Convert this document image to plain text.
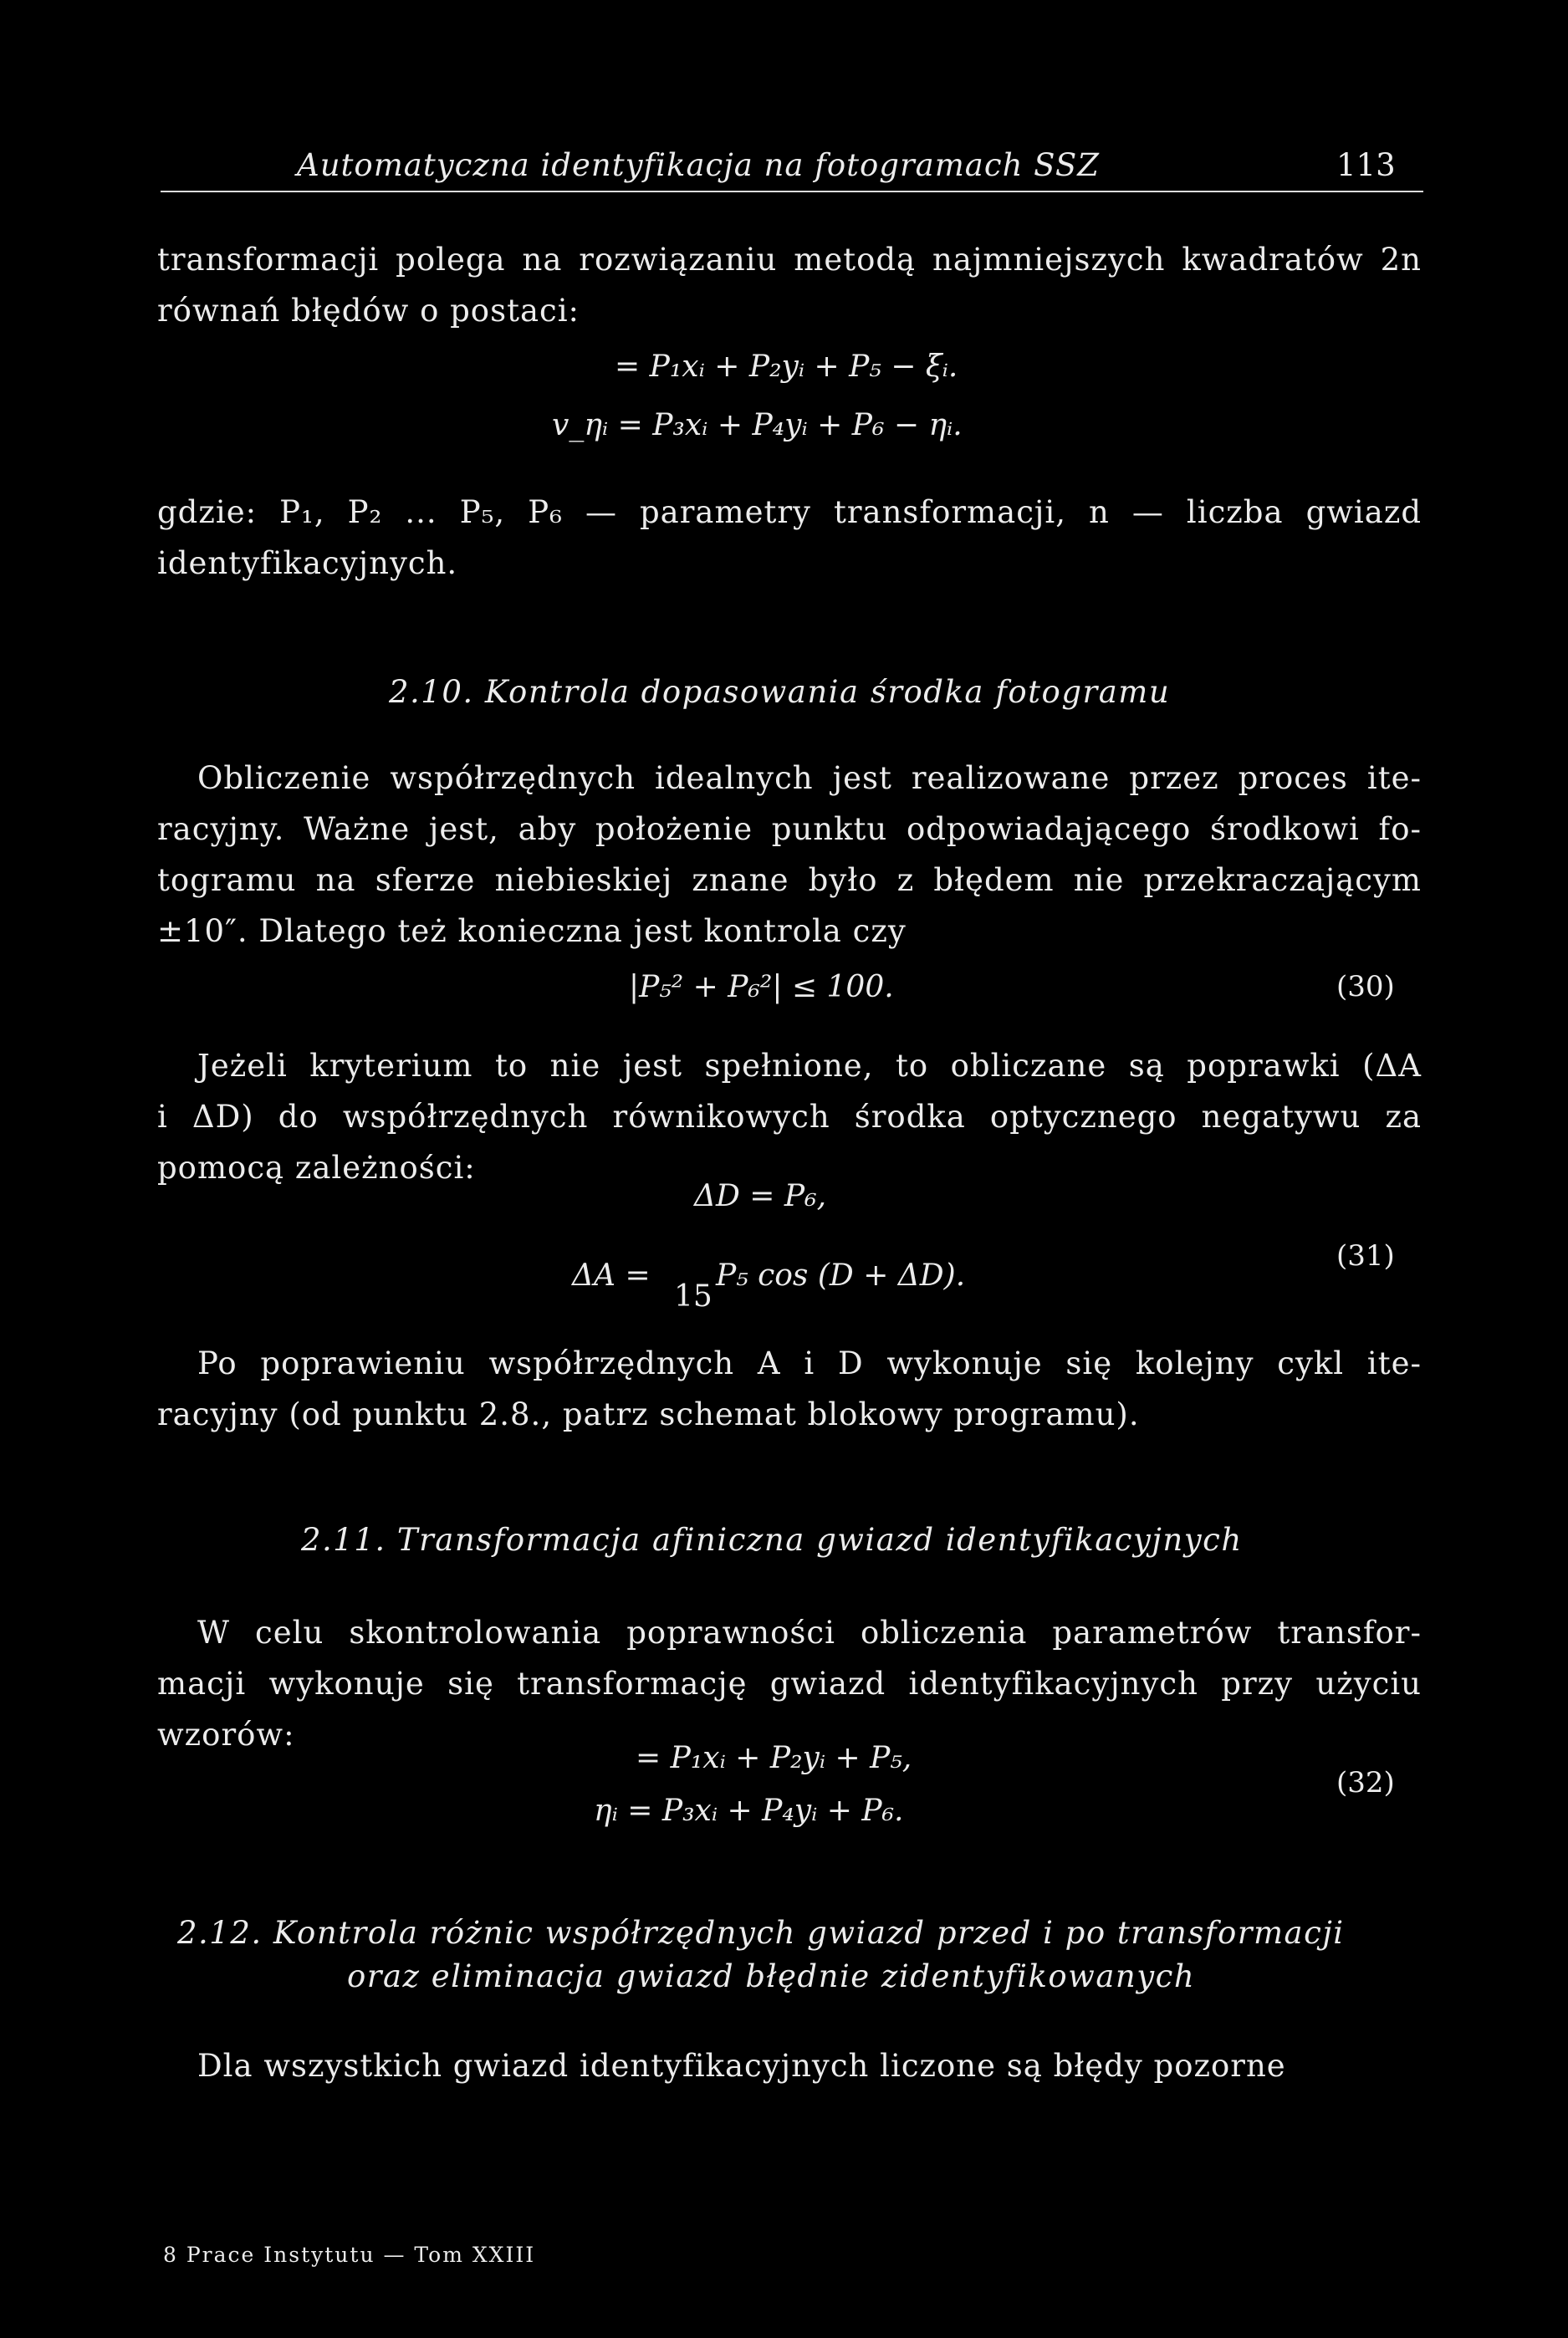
Automatyczna identyfikacja na fotogramach SSZ	113
transformacji polega na rozwiązaniu metodą najmniejszych kwadratów 2n
równań błędów o postaci:
= P₁xᵢ + P₂yᵢ + P₅ − ξᵢ.
v_ηᵢ = P₃xᵢ + P₄yᵢ + P₆ − ηᵢ.
gdzie: P₁, P₂ ... P₅, P₆ — parametry transformacji, n — liczba gwiazd
identyfikacyjnych.
2.10. Kontrola dopasowania środka fotogramu
Obliczenie współrzędnych idealnych jest realizowane przez proces ite-
racyjny. Ważne jest, aby położenie punktu odpowiadającego środkowi fo-
togramu na sferze niebieskiej znane było z błędem nie przekraczającym
±10″. Dlatego też konieczna jest kontrola czy
|P₅² + P₆²| ≤ 100.	(30)
Jeżeli kryterium to nie jest spełnione, to obliczane są poprawki (ΔA
i ΔD) do współrzędnych równikowych środka optycznego negatywu za
pomocą zależności:
ΔD = P₆,
ΔA =
15
P₅ cos (D + ΔD).
(31)
Po poprawieniu współrzędnych A i D wykonuje się kolejny cykl ite-
racyjny (od punktu 2.8., patrz schemat blokowy programu).
2.11. Transformacja afiniczna gwiazd identyfikacyjnych
W celu skontrolowania poprawności obliczenia parametrów transfor-
macji wykonuje się transformację gwiazd identyfikacyjnych przy użyciu
wzorów:
= P₁xᵢ + P₂yᵢ + P₅,
ηᵢ = P₃xᵢ + P₄yᵢ + P₆.
(32)
2.12. Kontrola różnic współrzędnych gwiazd przed i po transformacji
oraz eliminacja gwiazd błędnie zidentyfikowanych
Dla wszystkich gwiazd identyfikacyjnych liczone są błędy pozorne
8 Prace Instytutu — Tom XXIII
